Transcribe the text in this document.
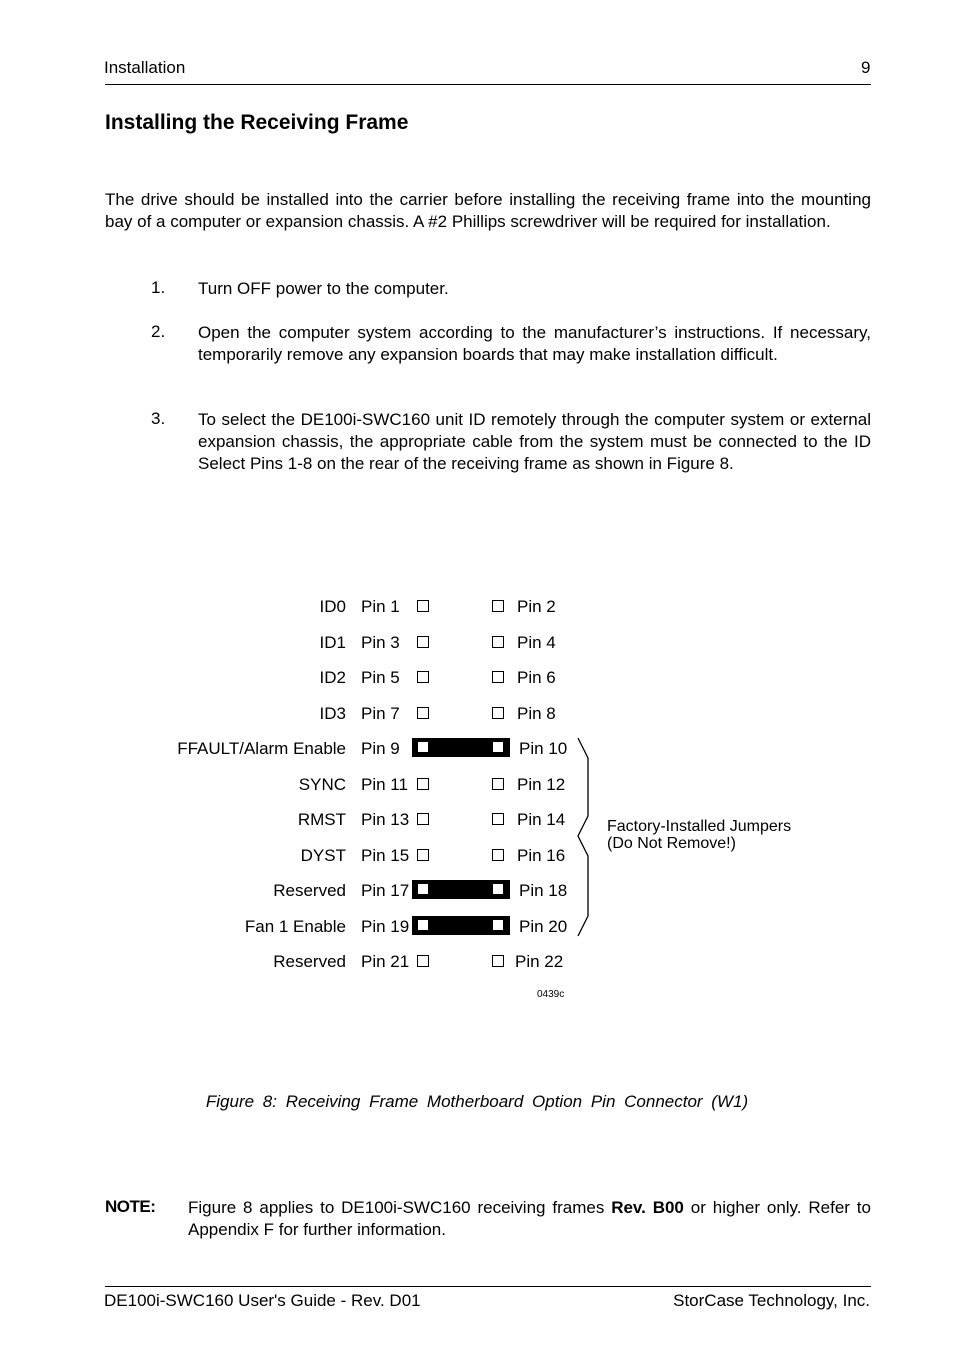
Installation	9
Installing the Receiving Frame

The drive should be installed into the carrier before installing the receiving frame into the mounting bay of a computer or expansion chassis. A #2 Phillips screwdriver will be required for installation.

1. Turn OFF power to the computer.
2. Open the computer system according to the manufacturer’s instructions. If necessary, temporarily remove any expansion boards that may make installation difficult.
3. To select the DE100i-SWC160 unit ID remotely through the computer system or external expansion chassis, the appropriate cable from the system must be connected to the ID Select Pins 1-8 on the rear of the receiving frame as shown in Figure 8.
ID0 Pin 1	Pin 2
ID1 Pin 3	Pin 4
ID2 Pin 5	Pin 6
ID3 Pin 7	Pin 8
FFAULT/Alarm Enable Pin 9	Pin 10
SYNC Pin 11	Pin 12
RMST Pin 13	Pin 14
DYST Pin 15	Pin 16
Reserved Pin 17	Pin 18
Fan 1 Enable Pin 19	Pin 20
Reserved Pin 21	Pin 22
Factory-Installed Jumpers
(Do Not Remove!)
0439c
Figure 8: Receiving Frame Motherboard Option Pin Connector (W1)
NOTE: Figure 8 applies to DE100i-SWC160 receiving frames Rev. B00 or higher only. Refer to Appendix F for further information.
DE100i-SWC160 User's Guide - Rev. D01	StorCase Technology, Inc.
